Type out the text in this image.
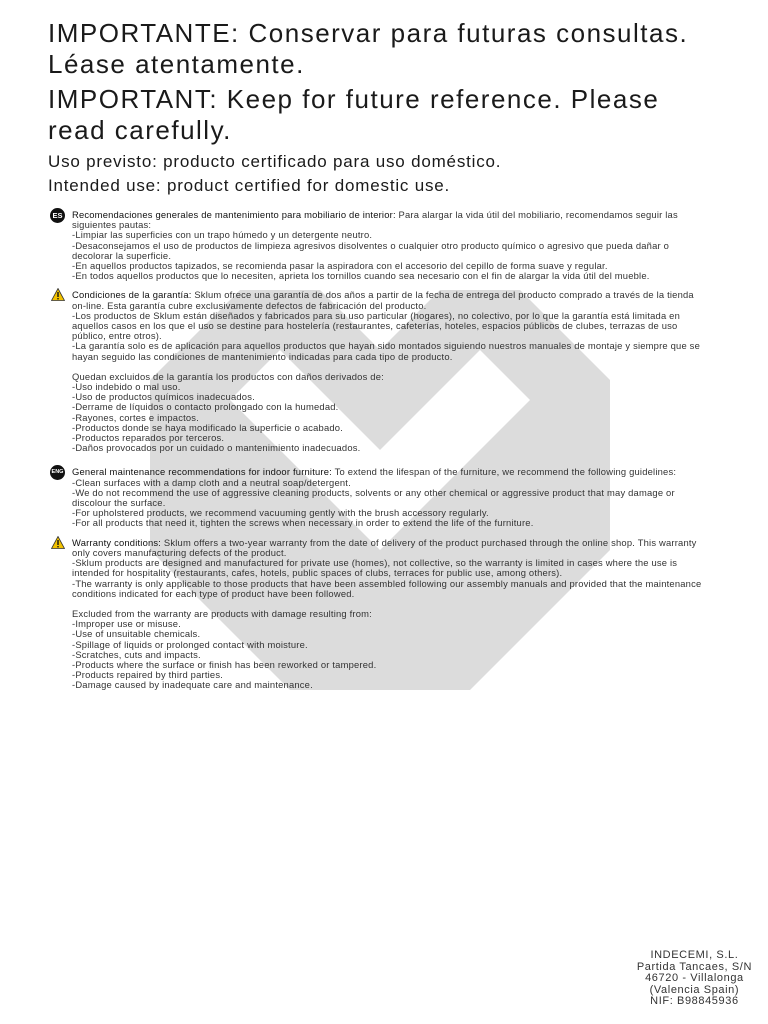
IMPORTANTE: Conservar para futuras consultas. Léase atentamente.
IMPORTANT: Keep for future reference. Please read carefully.
Uso previsto: producto certificado para uso doméstico.
Intended use: product certified for domestic use.
ES Recomendaciones generales de mantenimiento para mobiliario de interior: Para alargar la vida útil del mobiliario, recomendamos seguir las siguientes pautas:

-Limpiar las superficies con un trapo húmedo y un detergente neutro.

-Desaconsejamos el uso de productos de limpieza agresivos disolventes o cualquier otro producto químico o agresivo que pueda dañar o decolorar la superficie.

-En aquellos productos tapizados, se recomienda pasar la aspiradora con el accesorio del cepillo de forma suave y regular.

-En todos aquellos productos que lo necesiten, aprieta los tornillos cuando sea necesario con el fin de alargar la vida útil del mueble.

Condiciones de la garantía: Sklum ofrece una garantía de dos años a partir de la fecha de entrega del producto comprado a través de la tienda on-line. Esta garantía cubre exclusivamente defectos de fabricación del producto.

-Los productos de Sklum están diseñados y fabricados para su uso particular (hogares), no colectivo, por lo que la garantía está limitada en aquellos casos en los que el uso se destine para hostelería (restaurantes, cafeterías, hoteles, espacios públicos de clubes, terrazas de uso público, entre otros).

-La garantía solo es de aplicación para aquellos productos que hayan sido montados siguiendo nuestros manuales de montaje y siempre que se hayan seguido las condiciones de mantenimiento indicadas para cada tipo de producto.

Quedan excluidos de la garantía los productos con daños derivados de:

-Uso indebido o mal uso.

-Uso de productos químicos inadecuados.

-Derrame de líquidos o contacto prolongado con la humedad.

-Rayones, cortes e impactos.

-Productos donde se haya modificado la superficie o acabado.

-Productos reparados por terceros.

-Daños provocados por un cuidado o mantenimiento inadecuados.

ENG General maintenance recommendations for indoor furniture: To extend the lifespan of the furniture, we recommend the following guidelines:

-Clean surfaces with a damp cloth and a neutral soap/detergent.

-We do not recommend the use of aggressive cleaning products, solvents or any other chemical or aggressive product that may damage or discolour the surface.

-For upholstered products, we recommend vacuuming gently with the brush accessory regularly.

-For all products that need it, tighten the screws when necessary in order to extend the life of the furniture.

Warranty conditions: Sklum offers a two-year warranty from the date of delivery of the product purchased through the online shop. This warranty only covers manufacturing defects of the product.

-Sklum products are designed and manufactured for private use (homes), not collective, so the warranty is limited in cases where the use is intended for hospitality (restaurants, cafes, hotels, public spaces of clubs, terraces for public use, among others).

-The warranty is only applicable to those products that have been assembled following our assembly manuals and provided that the maintenance conditions indicated for each type of product have been followed.

Excluded from the warranty are products with damage resulting from:

-Improper use or misuse.

-Use of unsuitable chemicals.

-Spillage of liquids or prolonged contact with moisture.

-Scratches, cuts and impacts.

-Products where the surface or finish has been reworked or tampered.

-Products repaired by third parties.

-Damage caused by inadequate care and maintenance.

INDECEMI, S.L.
Partida Tancaes, S/N
46720 - Villalonga
(Valencia Spain)
NIF: B98845936
